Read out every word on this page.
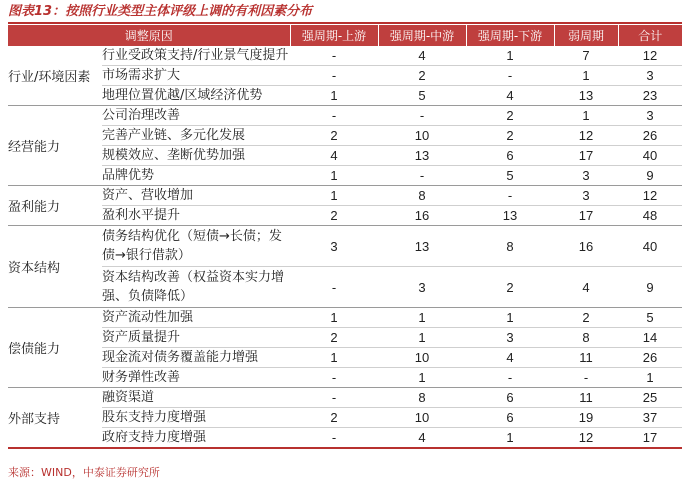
图表13：按照行业类型主体评级上调的有利因素分布
调整原因		强周期-上游	强周期-中游	强周期-下游	弱周期	合计
行业/环境因素	行业受政策支持/行业景气度提升	-	4	1	7	12
	市场需求扩大	-	2	-	1	3
	地理位置优越/区域经济优势	1	5	4	13	23
经营能力	公司治理改善	-	-	2	1	3
	完善产业链、多元化发展	2	10	2	12	26
	规模效应、垄断优势加强	4	13	6	17	40
	品牌优势	1	-	5	3	9
盈利能力	资产、营收增加	1	8	-	3	12
	盈利水平提升	2	16	13	17	48
资本结构	债务结构优化（短债→长债；发债→银行借款）	3	13	8	16	40
	资本结构改善（权益资本实力增强、负债降低）	-	3	2	4	9
偿债能力	资产流动性加强	1	1	1	2	5
	资产质量提升	2	1	3	8	14
	现金流对债务覆盖能力增强	1	10	4	11	26
	财务弹性改善	-	1	-	-	1
外部支持	融资渠道	-	8	6	11	25
	股东支持力度增强	2	10	6	19	37
	政府支持力度增强	-	4	1	12	17
来源：WIND，中泰证券研究所
